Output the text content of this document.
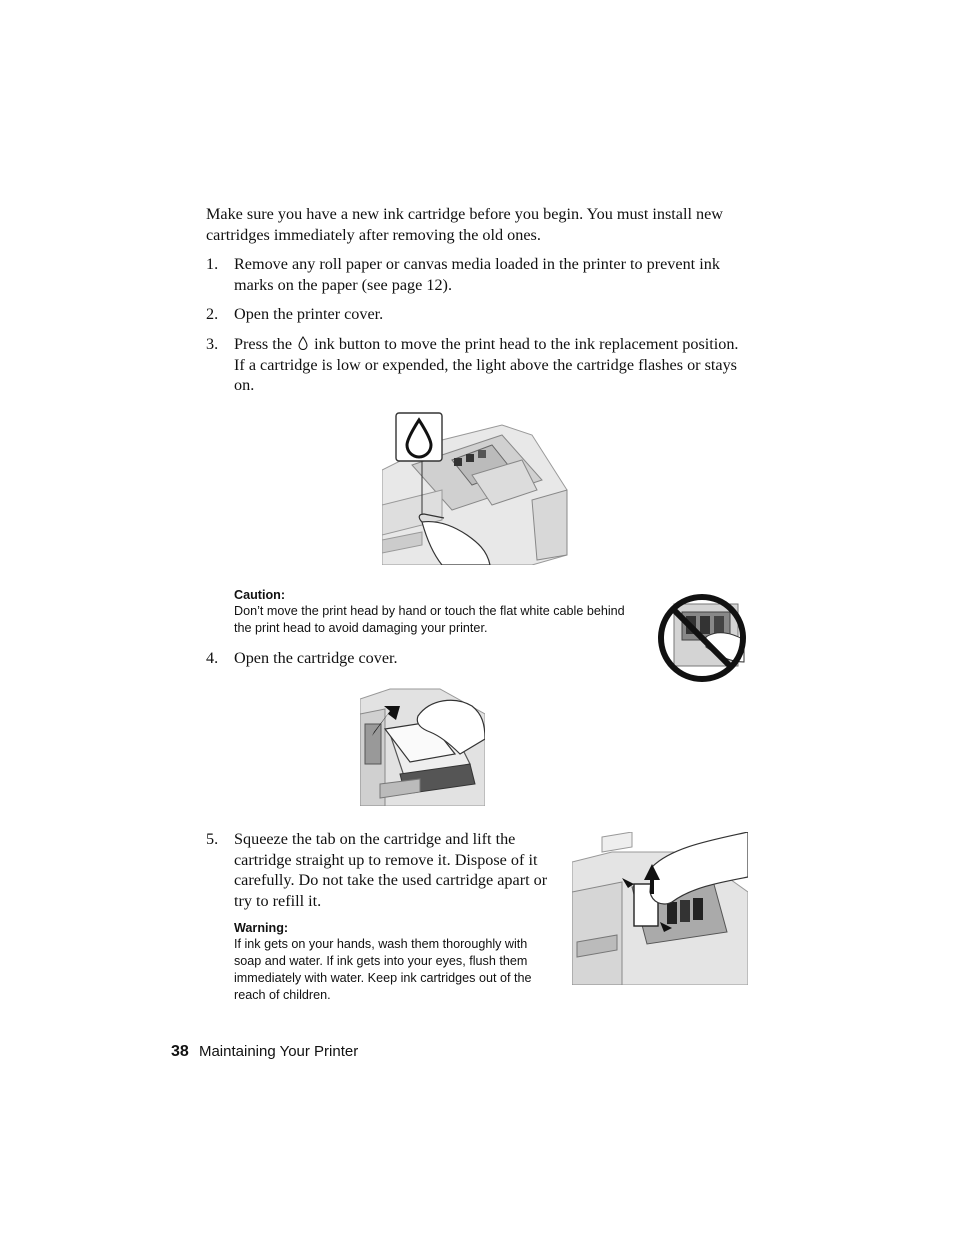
Make sure you have a new ink cartridge before you begin. You must install new cartridges immediately after removing the old ones.

1. Remove any roll paper or canvas media loaded in the printer to prevent ink marks on the paper (see page 12).
2. Open the printer cover.
3. Press the ink button to move the print head to the ink replacement position. If a cartridge is low or expended, the light above the cartridge flashes or stays on.
Caution:
Don’t move the print head by hand or touch the flat white cable behind the print head to avoid damaging your printer.
4. Open the cartridge cover.
5. Squeeze the tab on the cartridge and lift the cartridge straight up to remove it. Dispose of it carefully. Do not take the used cartridge apart or try to refill it.
Warning:
If ink gets on your hands, wash them thoroughly with soap and water. If ink gets into your eyes, flush them immediately with water. Keep ink cartridges out of the reach of children.
38 Maintaining Your Printer
